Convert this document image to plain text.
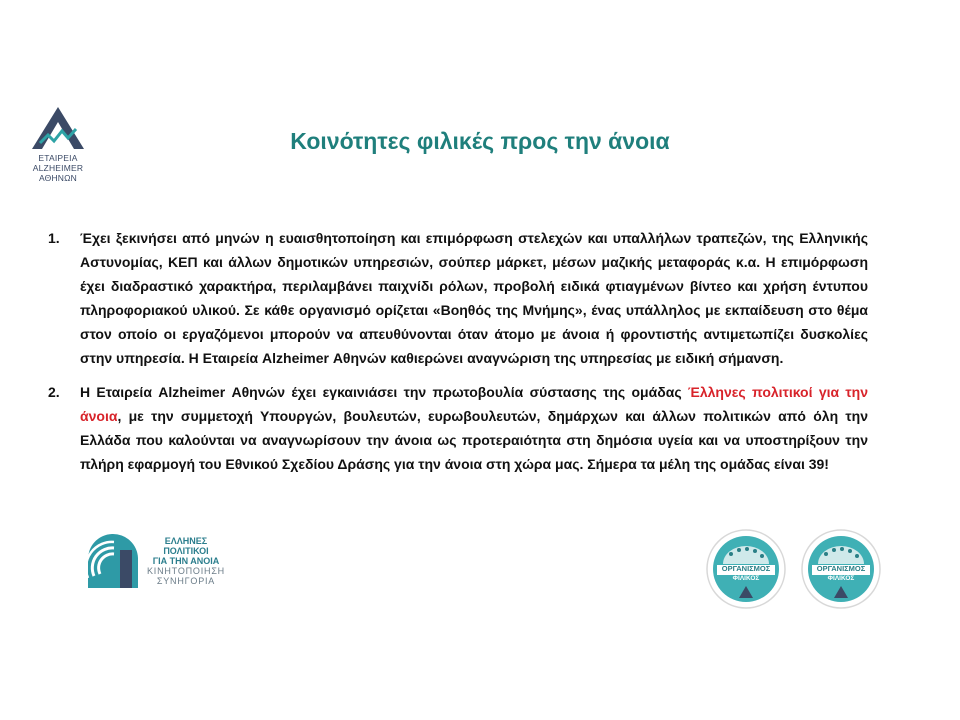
ΕΤΑΙΡΕΙΑ ALZHEIMER
ΑΘΗΝΩΝ
Κοινότητες φιλικές προς την άνοια
1.	Έχει ξεκινήσει από μηνών η ευαισθητοποίηση και επιμόρφωση στελεχών και υπαλλήλων τραπεζών, της Ελληνικής Αστυνομίας, ΚΕΠ και άλλων δημοτικών υπηρεσιών, σούπερ μάρκετ, μέσων μαζικής μεταφοράς κ.α. Η επιμόρφωση έχει διαδραστικό χαρακτήρα, περιλαμβάνει παιχνίδι ρόλων, προβολή ειδικά φτιαγμένων βίντεο και χρήση έντυπου πληροφοριακού υλικού. Σε κάθε οργανισμό ορίζεται «Βοηθός της Μνήμης», ένας υπάλληλος με εκπαίδευση στο θέμα στον οποίο οι εργαζόμενοι μπορούν να απευθύνονται όταν άτομο με άνοια ή φροντιστής αντιμετωπίζει δυσκολίες στην υπηρεσία. Η Εταιρεία Alzheimer Αθηνών καθιερώνει αναγνώριση της υπηρεσίας με ειδική σήμανση.
2.	Η Εταιρεία Alzheimer Αθηνών έχει εγκαινιάσει την πρωτοβουλία σύστασης της ομάδας Έλληνες πολιτικοί για την άνοια, με την συμμετοχή Υπουργών, βουλευτών, ευρωβουλευτών, δημάρχων και άλλων πολιτικών από όλη την Ελλάδα που καλούνται να αναγνωρίσουν την άνοια ως προτεραιότητα στη δημόσια υγεία και να υποστηρίξουν την πλήρη εφαρμογή του Εθνικού Σχεδίου Δράσης για την άνοια στη χώρα μας. Σήμερα τα μέλη της ομάδας είναι 39!
ΕΛΛΗΝΕΣ
ΠΟΛΙΤΙΚΟΙ
ΓΙΑ ΤΗΝ ΑΝΟΙΑ
ΚΙΝΗΤΟΠΟΙΗΣΗ
ΣΥΝΗΓΟΡΙΑ
ΟΡΓΑΝΙΣΜΟΣ
ΦΙΛΙΚΟΣ
ΟΡΓΑΝΙΣΜΟΣ
ΦΙΛΙΚΟΣ
